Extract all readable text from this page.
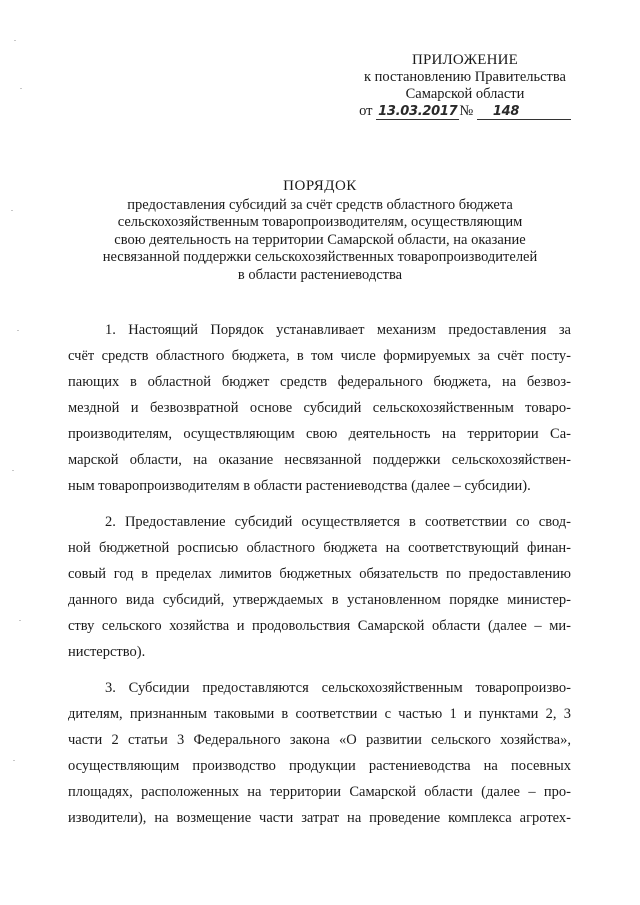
ПРИЛОЖЕНИЕ
к постановлению Правительства
Самарской области
от 13.03.2017 № 148
ПОРЯДОК
предоставления субсидий за счёт средств областного бюджета
сельскохозяйственным товаропроизводителям, осуществляющим
свою деятельность на территории Самарской области, на оказание
несвязанной поддержки сельскохозяйственных товаропроизводителей
в области растениеводства

1. Настоящий Порядок устанавливает механизм предоставления за
счёт средств областного бюджета, в том числе формируемых за счёт посту-
пающих в областной бюджет средств федерального бюджета, на безвоз-
мездной и безвозвратной основе субсидий сельскохозяйственным товаро-
производителям, осуществляющим свою деятельность на территории Са-
марской области, на оказание несвязанной поддержки сельскохозяйствен-
ным товаропроизводителям в области растениеводства (далее – субсидии).

2. Предоставление субсидий осуществляется в соответствии со свод-
ной бюджетной росписью областного бюджета на соответствующий финан-
совый год в пределах лимитов бюджетных обязательств по предоставлению
данного вида субсидий, утверждаемых в установленном порядке министер-
ству сельского хозяйства и продовольствия Самарской области (далее – ми-
нистерство).

3. Субсидии предоставляются сельскохозяйственным товаропроизво-
дителям, признанным таковыми в соответствии с частью 1 и пунктами 2, 3
части 2 статьи 3 Федерального закона «О развитии сельского хозяйства»,
осуществляющим производство продукции растениеводства на посевных
площадях, расположенных на территории Самарской области (далее – про-
изводители), на возмещение части затрат на проведение комплекса агротех-
